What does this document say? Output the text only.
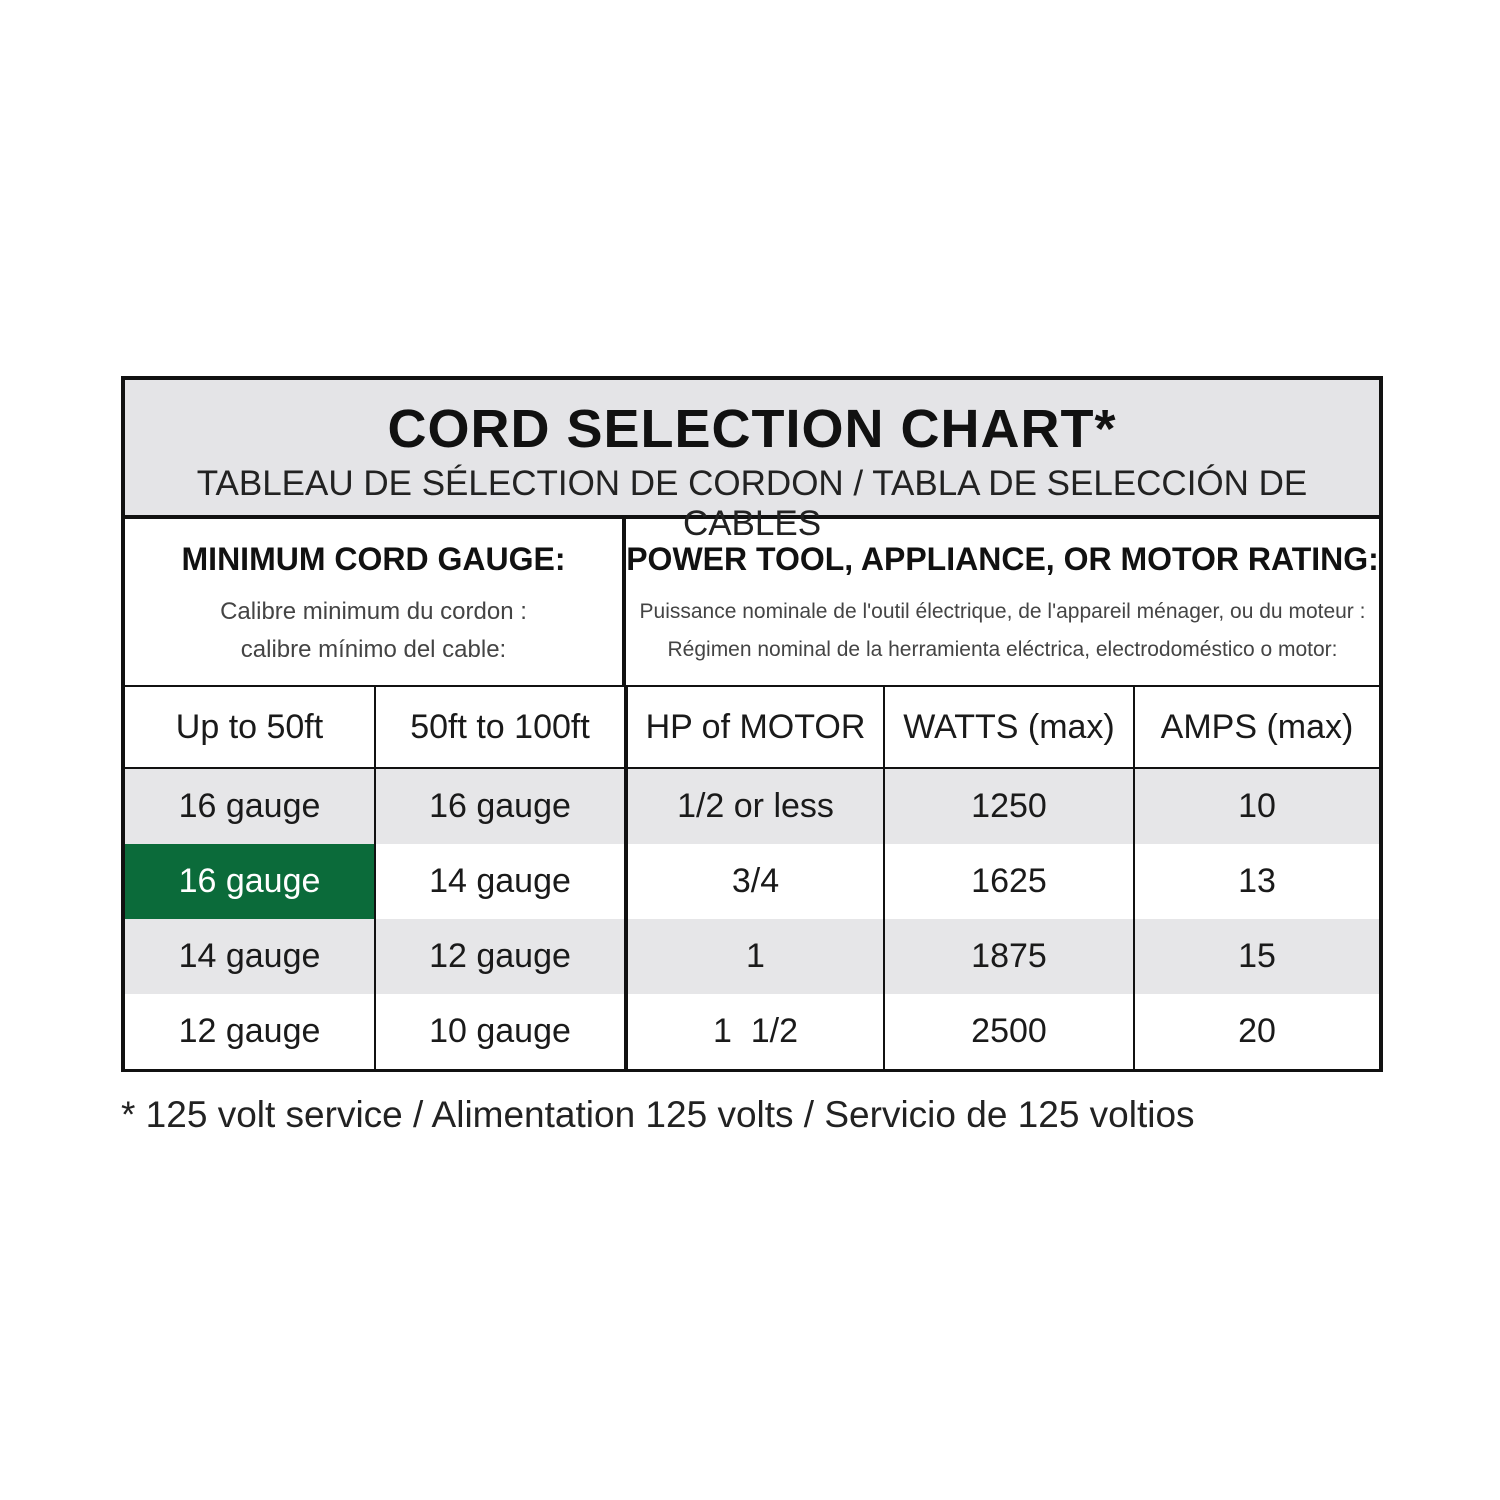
CORD SELECTION CHART*
TABLEAU DE SÉLECTION DE CORDON / TABLA DE SELECCIÓN DE CABLES
MINIMUM CORD GAUGE:
Calibre minimum du cordon :
calibre mínimo del cable:
POWER TOOL, APPLIANCE, OR MOTOR RATING:
Puissance nominale de l'outil électrique, de l'appareil ménager, ou du moteur :
Régimen nominal de la herramienta eléctrica, electrodoméstico o motor:
Up to 50ft	50ft to 100ft	HP of MOTOR	WATTS (max)	AMPS (max)
16 gauge	16 gauge	1/2 or less	1250	10
16 gauge	14 gauge	3/4	1625	13
14 gauge	12 gauge	1	1875	15
12 gauge	10 gauge	1  1/2	2500	20
* 125 volt service / Alimentation 125 volts / Servicio de 125 voltios
